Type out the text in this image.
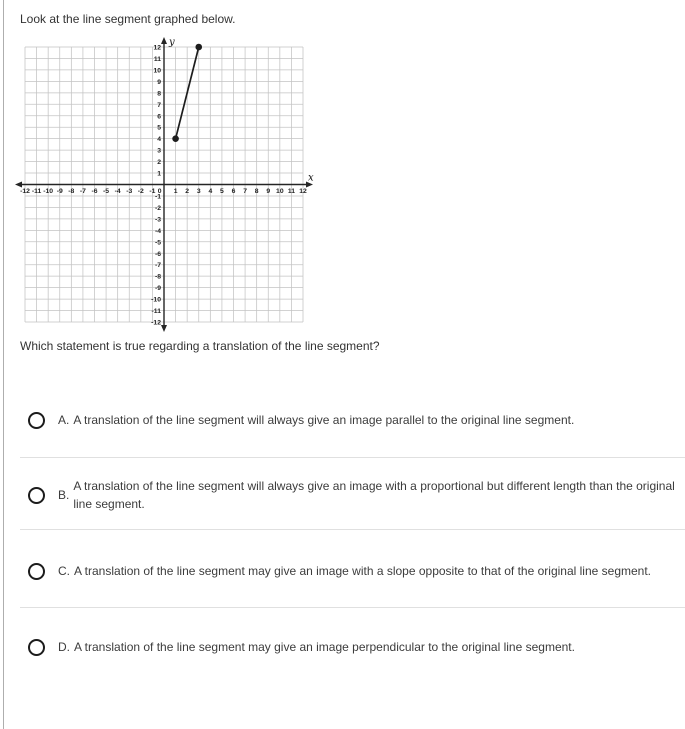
Look at the line segment graphed below.
-12 -11 -10 -9 -8 -7 -6 -5 -4 -3 -2 -1	1 2 3 4 5 6 7 8 9 10 11 12
0
-12
-11
-10
-9
-8
-7
-6
-5
-4
-3
-2
-1
1
2
3
4
5
6
7
8
9
10
11
12 y
x
Which statement is true regarding a translation of the line segment?
A. A translation of the line segment will always give an image parallel to the original line segment.
B.
A translation of the line segment will always give an image with a proportional but different length than the original line segment.
C. A translation of the line segment may give an image with a slope opposite to that of the original line segment.
D. A translation of the line segment may give an image perpendicular to the original line segment.
